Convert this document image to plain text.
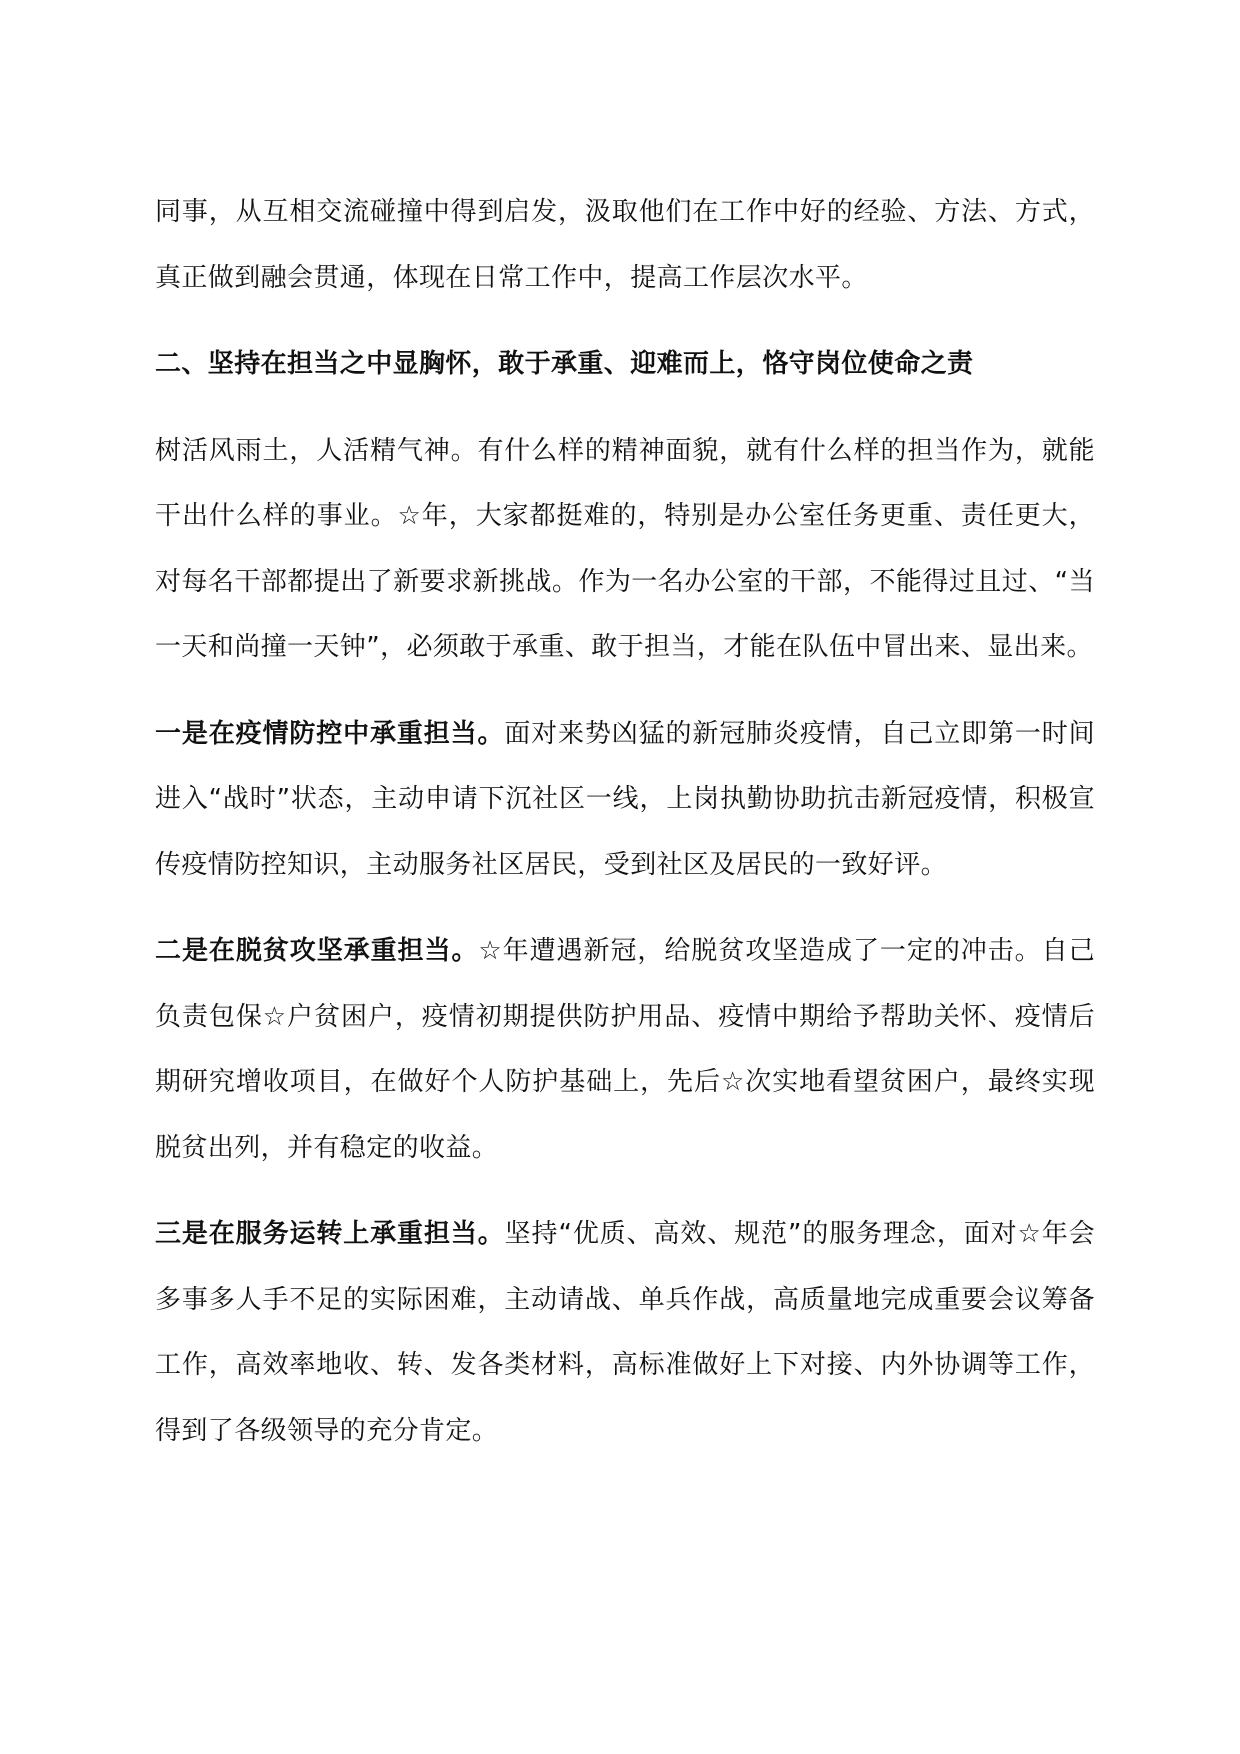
同事，从互相交流碰撞中得到启发，汲取他们在工作中好的经验、方法、方式，真正做到融会贯通，体现在日常工作中，提高工作层次水平。

二、坚持在担当之中显胸怀，敢于承重、迎难而上，恪守岗位使命之责

树活风雨土，人活精气神。有什么样的精神面貌，就有什么样的担当作为，就能干出什么样的事业。☆年，大家都挺难的，特别是办公室任务更重、责任更大，对每名干部都提出了新要求新挑战。作为一名办公室的干部，不能得过且过、“当一天和尚撞一天钟”，必须敢于承重、敢于担当，才能在队伍中冒出来、显出来。

一是在疫情防控中承重担当。面对来势凶猛的新冠肺炎疫情，自己立即第一时间进入“战时”状态，主动申请下沉社区一线，上岗执勤协助抗击新冠疫情，积极宣传疫情防控知识，主动服务社区居民，受到社区及居民的一致好评。

二是在脱贫攻坚承重担当。☆年遭遇新冠，给脱贫攻坚造成了一定的冲击。自己负责包保☆户贫困户，疫情初期提供防护用品、疫情中期给予帮助关怀、疫情后期研究增收项目，在做好个人防护基础上，先后☆次实地看望贫困户，最终实现脱贫出列，并有稳定的收益。

三是在服务运转上承重担当。坚持“优质、高效、规范”的服务理念，面对☆年会多事多人手不足的实际困难，主动请战、单兵作战，高质量地完成重要会议筹备工作，高效率地收、转、发各类材料，高标准做好上下对接、内外协调等工作，得到了各级领导的充分肯定。
